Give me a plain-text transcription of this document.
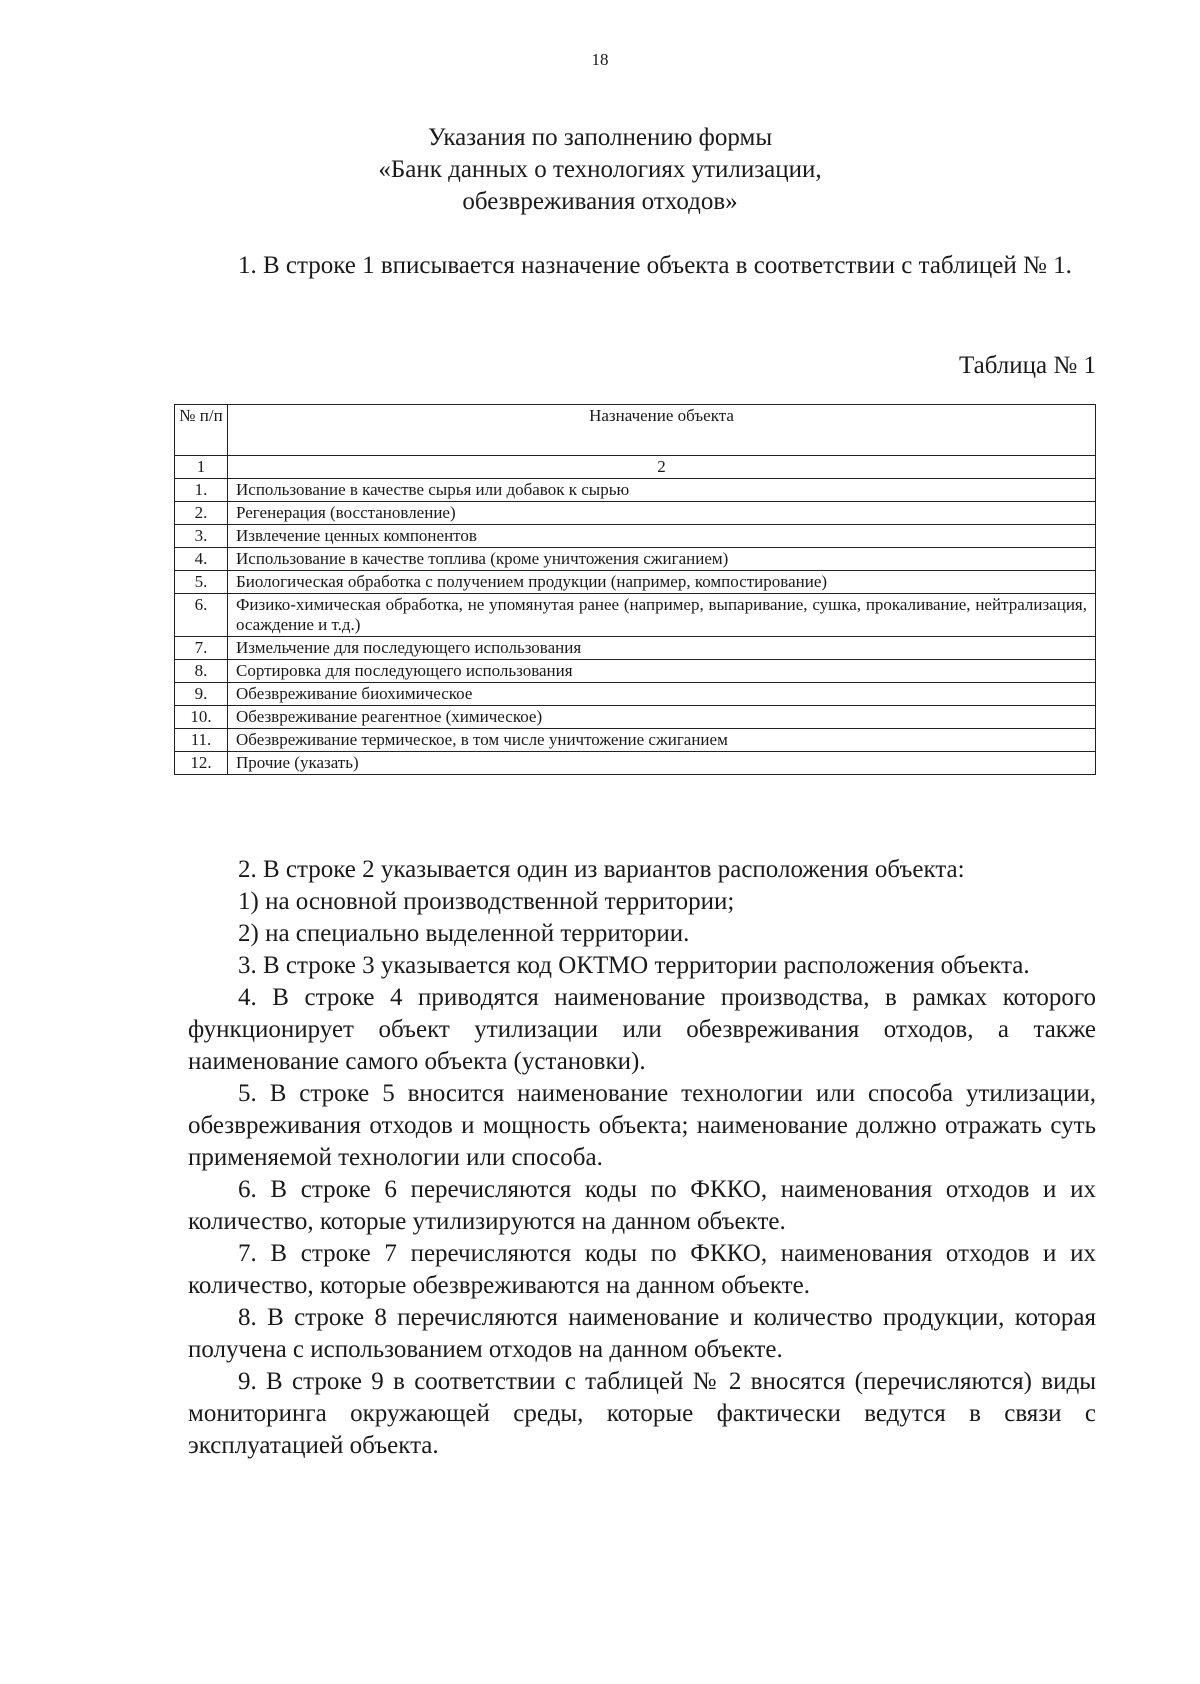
18
Указания по заполнению формы
«Банк данных о технологиях утилизации,
обезвреживания отходов»

1. В строке 1 вписывается назначение объекта в соответствии с таблицей № 1.

Таблица № 1
№ п/п	Назначение объекта
1	2
1.	Использование в качестве сырья или добавок к сырью
2.	Регенерация (восстановление)
3.	Извлечение ценных компонентов
4.	Использование в качестве топлива (кроме уничтожения сжиганием)
5.	Биологическая обработка с получением продукции (например, компостирование)
6.	Физико-химическая обработка, не упомянутая ранее (например, выпаривание, сушка, прокаливание, нейтрализация, осаждение и т.д.)
7.	Измельчение для последующего использования
8.	Сортировка для последующего использования
9.	Обезвреживание биохимическое
10.	Обезвреживание реагентное (химическое)
11.	Обезвреживание термическое, в том числе уничтожение сжиганием
12.	Прочие (указать)

2. В строке 2 указывается один из вариантов расположения объекта:

1) на основной производственной территории;

2) на специально выделенной территории.

3. В строке 3 указывается код ОКТМО территории расположения объекта.

4. В строке 4 приводятся наименование производства, в рамках которого функционирует объект утилизации или обезвреживания отходов, а также наименование самого объекта (установки).

5. В строке 5 вносится наименование технологии или способа утилизации, обезвреживания отходов и мощность объекта; наименование должно отражать суть применяемой технологии или способа.

6. В строке 6 перечисляются коды по ФККО, наименования отходов и их количество, которые утилизируются на данном объекте.

7. В строке 7 перечисляются коды по ФККО, наименования отходов и их количество, которые обезвреживаются на данном объекте.

8. В строке 8 перечисляются наименование и количество продукции, которая получена с использованием отходов на данном объекте.

9. В строке 9 в соответствии с таблицей № 2 вносятся (перечисляются) виды мониторинга окружающей среды, которые фактически ведутся в связи с эксплуатацией объекта.
